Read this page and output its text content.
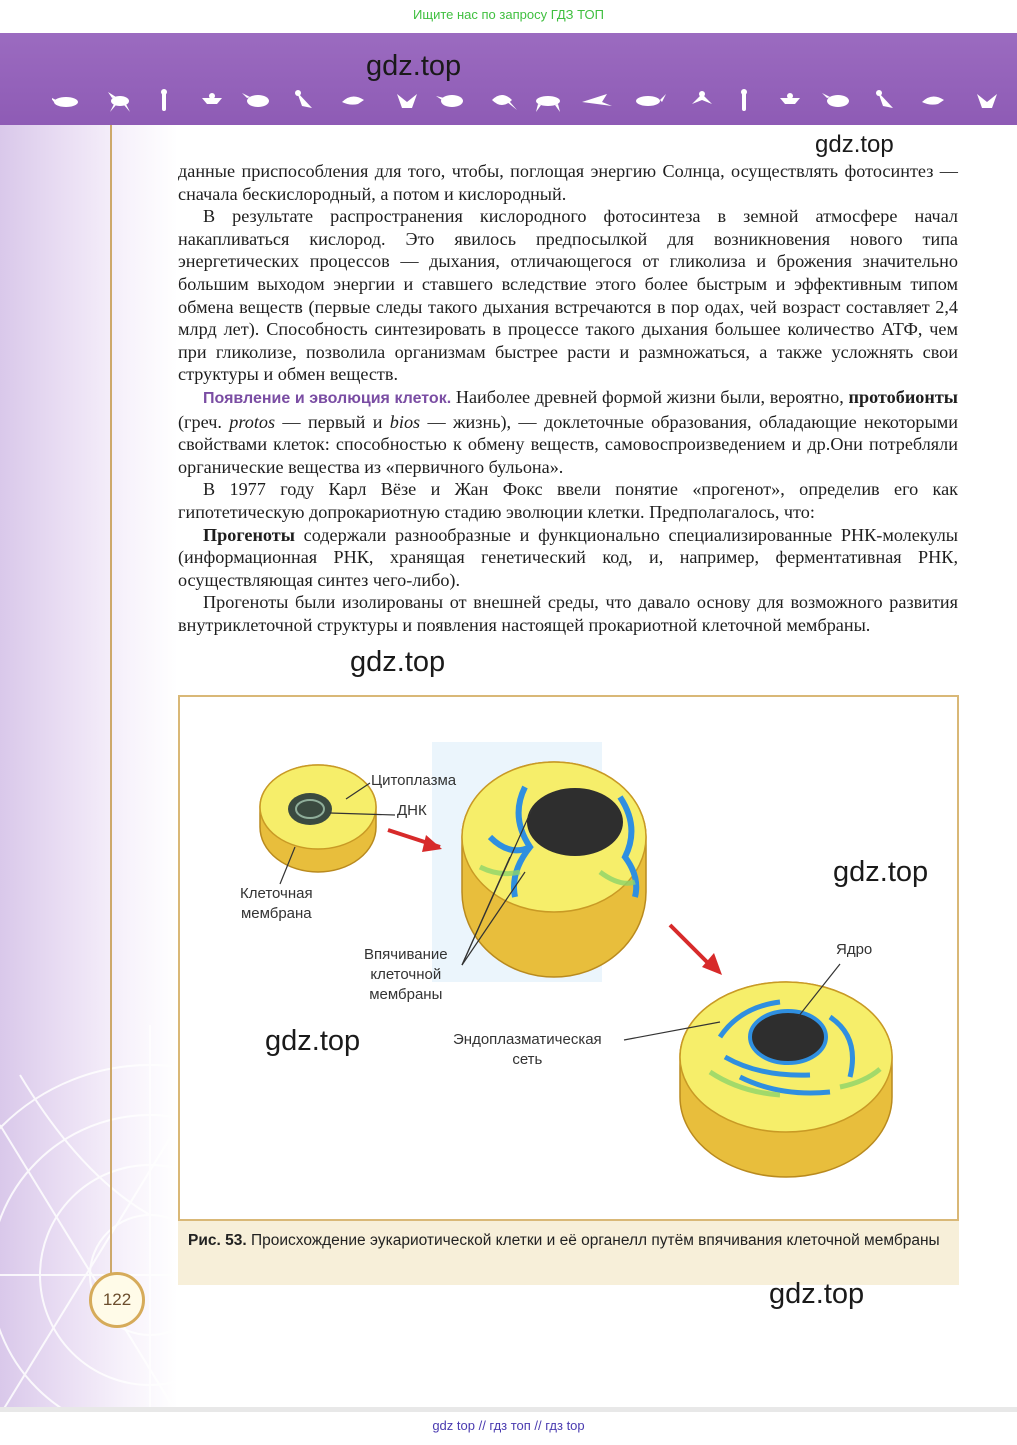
Ищите нас по запросу ГДЗ ТОП
gdz.top
gdz.top
gdz.top

данные приспособления для того, чтобы, поглощая энергию Солнца, осуществлять фотосинтез — сначала бескислородный, а потом и кислородный.

В результате распространения кислородного фотосинтеза в земной атмосфере начал накапливаться кислород. Это явилось предпосылкой для возникновения нового типа энергетических процессов — дыхания, отличающегося от гликолиза и брожения значительно большим выходом энергии и ставшего вследствие этого более быстрым и эффективным типом обмена веществ (первые следы такого дыхания встречаются в пор одах, чей возраст составляет 2,4 млрд лет). Способность синтезировать в процессе такого дыхания большее количество АТФ, чем при гликолизе, позволила организмам быстрее расти и размножаться, а также усложнять свои структуры и обмен веществ.

Появление и эволюция клеток. Наиболее древней формой жизни были, вероятно, протобионты (греч. protos — первый и bios — жизнь), — доклеточные образования, обладающие некоторыми свойствами клеток: способностью к обмену веществ, самовоспроизведением и др.Они потребляли органические вещества из «первичного бульона».

В 1977 году Карл Вёзе и Жан Фокс ввели понятие «прогенот», определив его как гипотетическую допрокариотную стадию эволюции клетки. Предполагалось, что:

Прогеноты содержали разнообразные и функционально специализированные РНК-молекулы (информационная РНК, хранящая генетический код, и, например, ферментативная РНК, осуществляющая синтез чего-либо).

Прогеноты были изолированы от внешней среды, что давало основу для возможного развития внутриклеточной структуры и появления настоящей прокариотной клеточной мембраны.

Цитоплазма
ДНК
Клеточная
мембрана
Впячивание
клеточной
мембраны
Ядро
Эндоплазматическая
сеть
gdz.top
gdz.top
Рис. 53. Происхождение эукариотической клетки и её органелл путём впячивания клеточной мембраны
gdz.top
122
gdz top // гдз топ // гдз top
